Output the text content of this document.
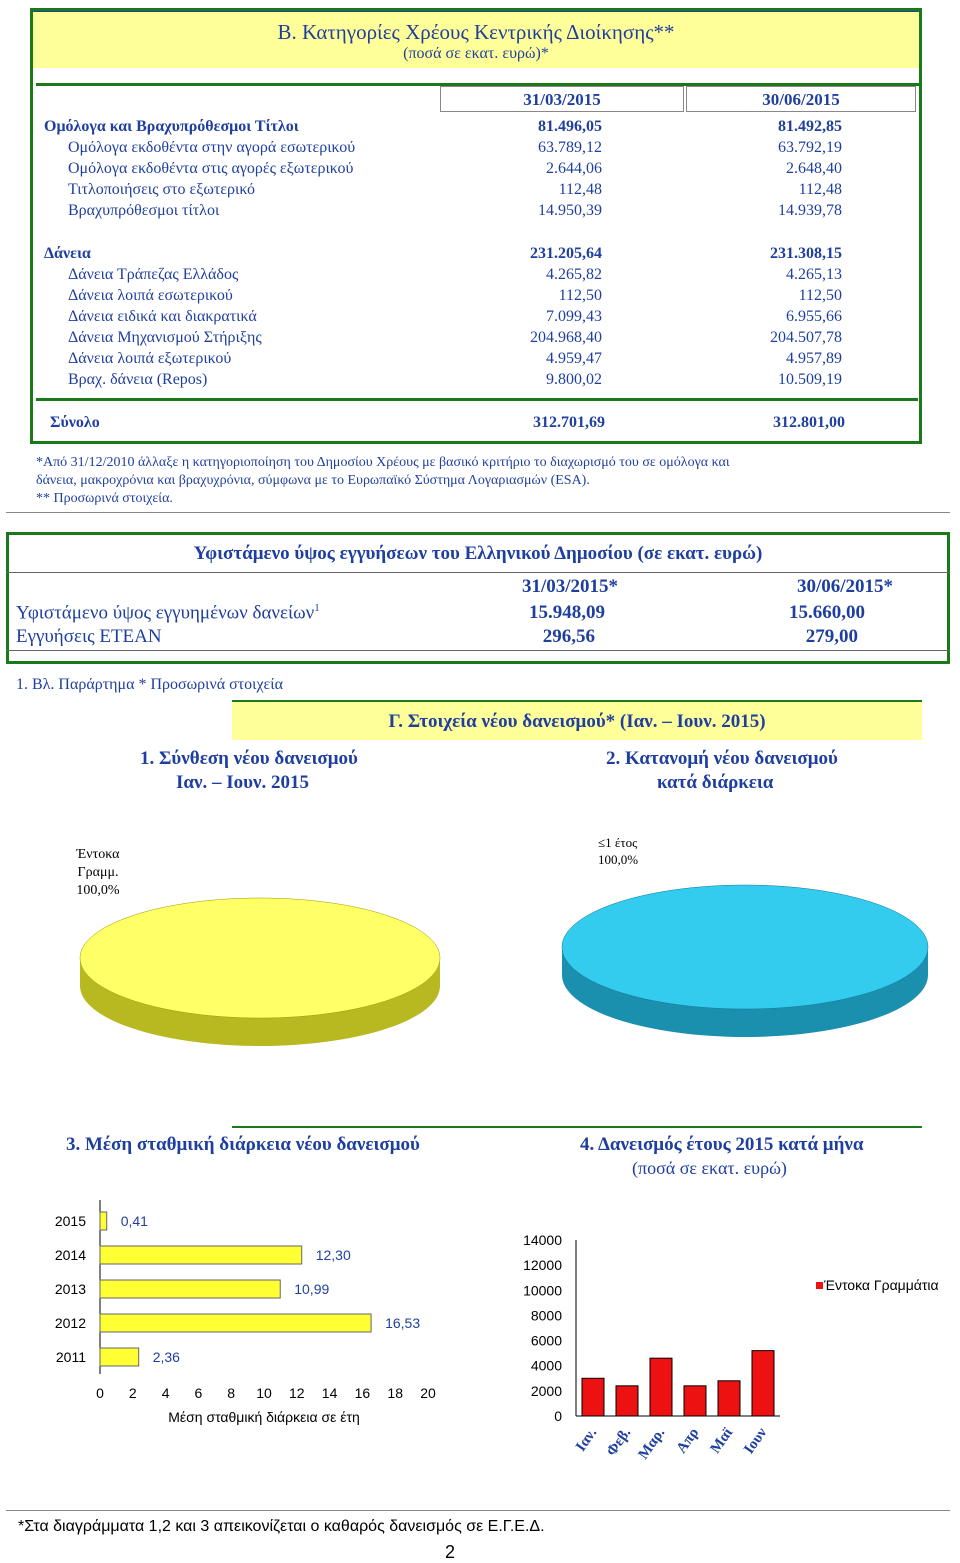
Β. Κατηγορίες Χρέους Κεντρικής Διοίκησης**
(ποσά σε εκατ. ευρώ)*
31/03/2015	30/06/2015
Ομόλογα και Βραχυπρόθεσμοι Τίτλοι	81.496,05	81.492,85
Ομόλογα εκδοθέντα στην αγορά εσωτερικού	63.789,12	63.792,19
Ομόλογα εκδοθέντα στις αγορές εξωτερικού	2.644,06	2.648,40
Τιτλοποιήσεις στο εξωτερικό	112,48	112,48
Βραχυπρόθεσμοι τίτλοι	14.950,39	14.939,78
Δάνεια	231.205,64	231.308,15
Δάνεια Τράπεζας Ελλάδος	4.265,82	4.265,13
Δάνεια λοιπά εσωτερικού	112,50	112,50
Δάνεια ειδικά και διακρατικά	7.099,43	6.955,66
Δάνεια Μηχανισμού Στήριξης	204.968,40	204.507,78
Δάνεια λοιπά εξωτερικού	4.959,47	4.957,89
Βραχ. δάνεια (Repos)	9.800,02	10.509,19
Σύνολο	312.701,69	312.801,00
*Από 31/12/2010 άλλαξε η κατηγοριοποίηση του Δημοσίου Χρέους με βασικό κριτήριο το διαχωρισμό του σε ομόλογα και
δάνεια, μακροχρόνια και βραχυχρόνια, σύμφωνα με το Ευρωπαϊκό Σύστημα Λογαριασμών (ESA).
** Προσωρινά στοιχεία.
Υφιστάμενο ύψος εγγυήσεων του Ελληνικού Δημοσίου (σε εκατ. ευρώ)
31/03/2015*	30/06/2015*
Υφιστάμενο ύψος εγγυημένων δανείων$^1$	15.948,09	15.660,00
Εγγυήσεις ΕΤΕΑΝ	296,56	279,00
1. Βλ. Παράρτημα * Προσωρινά στοιχεία
Γ. Στοιχεία νέου δανεισμού* (Ιαν. – Ιουν. 2015)
1. Σύνθεση νέου δανεισμού
Ιαν. – Ιουν. 2015
2. Κατανομή νέου δανεισμού
κατά διάρκεια
Έντοκα
Γραμμ.
100,0%
≤1 έτος
100,0%
3. Μέση σταθμική διάρκεια νέου δανεισμού	4. Δανεισμός έτους 2015 κατά μήνα
(ποσά σε εκατ. ευρώ)
2015 0,41
2014	12,30
2013	10,99
2012	16,53
2011	2,36
0 2 4 6 8 10 12 14 16 18 20
Μέση σταθμική διάρκεια σε έτη
14000
12000
10000
8000
6000
4000
2000
0
Ιαν. Φεβ. Μαρ. Απρ Μαϊ Ιουν
Έντοκα Γραμμάτια
*Στα διαγράμματα 1,2 και 3 απεικονίζεται ο καθαρός δανεισμός σε Ε.Γ.Ε.Δ.
2
